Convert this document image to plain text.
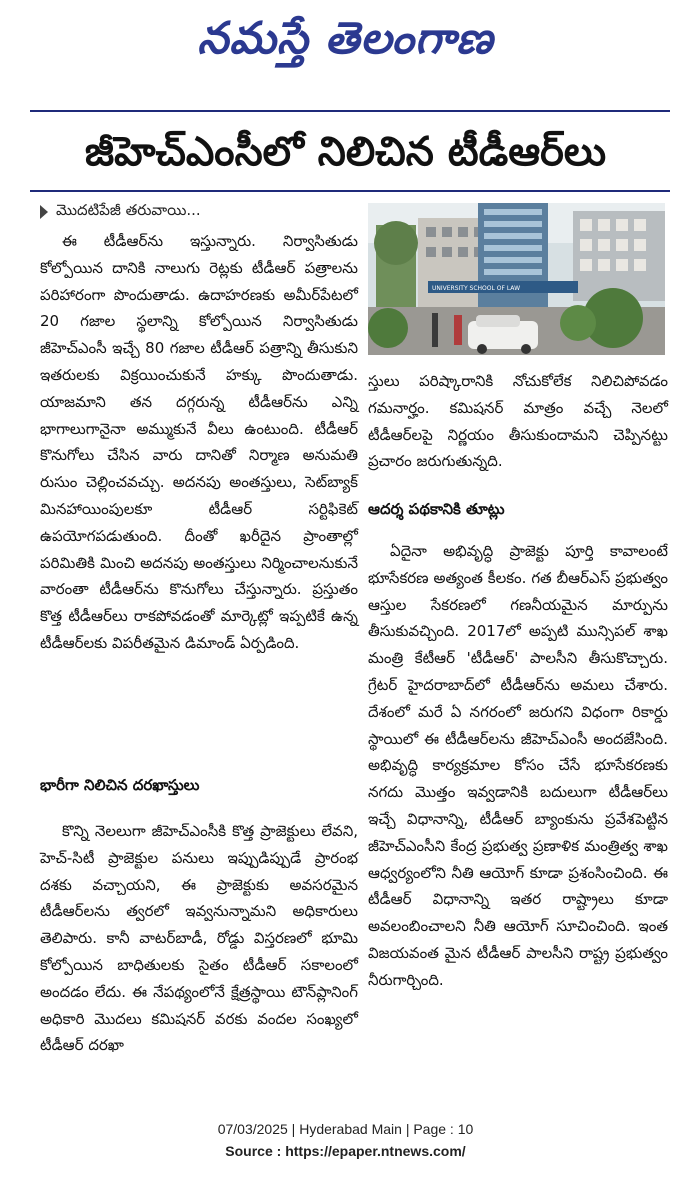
నమస్తే తెలంగాణ
జీహెచ్ఎంసీలో నిలిచిన టీడీఆర్‌లు
మొదటిపేజీ తరువాయి...

ఈ టీడీఆర్‌ను ఇస్తున్నారు. నిర్వాసితుడు కోల్పోయిన దానికి నాలుగు రెట్లకు టీడీఆర్ పత్రాలను పరిహారంగా పొందుతాడు. ఉదాహరణకు అమీర్‌పేటలో 20 గజాల స్థలాన్ని కోల్పోయిన నిర్వాసితుడు జీహెచ్ఎంసీ ఇచ్చే 80 గజాల టీడీఆర్ పత్రాన్ని తీసుకుని ఇతరులకు విక్రయించుకునే హక్కు పొందుతాడు. యాజమాని తన దగ్గరున్న టీడీఆర్‌ను ఎన్ని భాగాలుగానైనా అమ్ముకునే వీలు ఉంటుంది. టీడీఆర్ కొనుగోలు చేసిన వారు దానితో నిర్మాణ అనుమతి రుసుం చెల్లించవచ్చు. అదనపు అంతస్తులు, సెట్‌బ్యాక్ మినహాయింపులకూ టీడీఆర్ సర్టిఫికెట్ ఉపయోగపడుతుంది. దీంతో ఖరీదైన ప్రాంతాల్లో పరిమితికి మించి అదనపు అంతస్తులు నిర్మించాలనుకునే వారంతా టీడీఆర్‌ను కొనుగోలు చేస్తున్నారు. ప్రస్తుతం కొత్త టీడీఆర్‌లు రాకపోవడంతో మార్కెట్లో ఇప్పటికే ఉన్న టీడీఆర్‌లకు విపరీతమైన డిమాండ్ ఏర్పడింది.

భారీగా నిలిచిన దరఖాస్తులు

కొన్ని నెలలుగా జీహెచ్ఎంసీకి కొత్త ప్రాజెక్టులు లేవని, హెచ్-సిటీ ప్రాజెక్టుల పనులు ఇప్పుడిప్పుడే ప్రారంభ దశకు వచ్చాయని, ఈ ప్రాజెక్టుకు అవసరమైన టీడీఆర్‌లను త్వరలో ఇవ్వనున్నామని అధికారులు తెలిపారు. కానీ వాటర్‌బాడీ, రోడ్డు విస్తరణలో భూమి కోల్పోయిన బాధితులకు సైతం టీడీఆర్ సకాలంలో అందడం లేదు. ఈ నేపథ్యంలోనే క్షేత్రస్థాయి టౌన్‌ప్లానింగ్ అధికారి మొదలు కమిషనర్ వరకు వందల సంఖ్యలో టీడీఆర్ దరఖా

UNIVERSITY SCHOOL OF LAW

స్తులు పరిష్కారానికి నోచుకోలేక నిలిచిపోవడం గమనార్హం. కమిషనర్ మాత్రం వచ్చే నెలలో టీడీఆర్‌లపై నిర్ణయం తీసుకుందామని చెప్పినట్టు ప్రచారం జరుగుతున్నది.

ఆదర్శ పథకానికి తూట్లు

ఏదైనా అభివృద్ధి ప్రాజెక్టు పూర్తి కావాలంటే భూసేకరణ అత్యంత కీలకం. గత బీఆర్ఎస్ ప్రభుత్వం ఆస్తుల సేకరణలో గణనీయమైన మార్పును తీసుకువచ్చింది. 2017లో అప్పటి మున్సిపల్ శాఖ మంత్రి కేటీఆర్ 'టీడీఆర్' పాలసీని తీసుకొచ్చారు. గ్రేటర్ హైదరాబాద్‌లో టీడీఆర్‌ను అమలు చేశారు. దేశంలో మరే ఏ నగరంలో జరుగని విధంగా రికార్డు స్థాయిలో ఈ టీడీఆర్‌లను జీహెచ్ఎంసీ అందజేసింది. అభివృద్ధి కార్యక్రమాల కోసం చేసే భూసేకరణకు నగదు మొత్తం ఇవ్వడానికి బదులుగా టీడీఆర్‌లు ఇచ్చే విధానాన్ని, టీడీఆర్ బ్యాంకును ప్రవేశపెట్టిన జీహెచ్ఎంసీని కేంద్ర ప్రభుత్వ ప్రణాళిక మంత్రిత్వ శాఖ ఆధ్వర్యంలోని నీతి ఆయోగ్ కూడా ప్రశంసించింది. ఈ టీడీఆర్ విధానాన్ని ఇతర రాష్ట్రాలు కూడా అవలంబించాలని నీతి ఆయోగ్ సూచించింది. ఇంత విజయవంత మైన టీడీఆర్ పాలసీని రాష్ట్ర ప్రభుత్వం నీరుగార్చింది.

07/03/2025 | Hyderabad Main | Page : 10
Source : https://epaper.ntnews.com/
